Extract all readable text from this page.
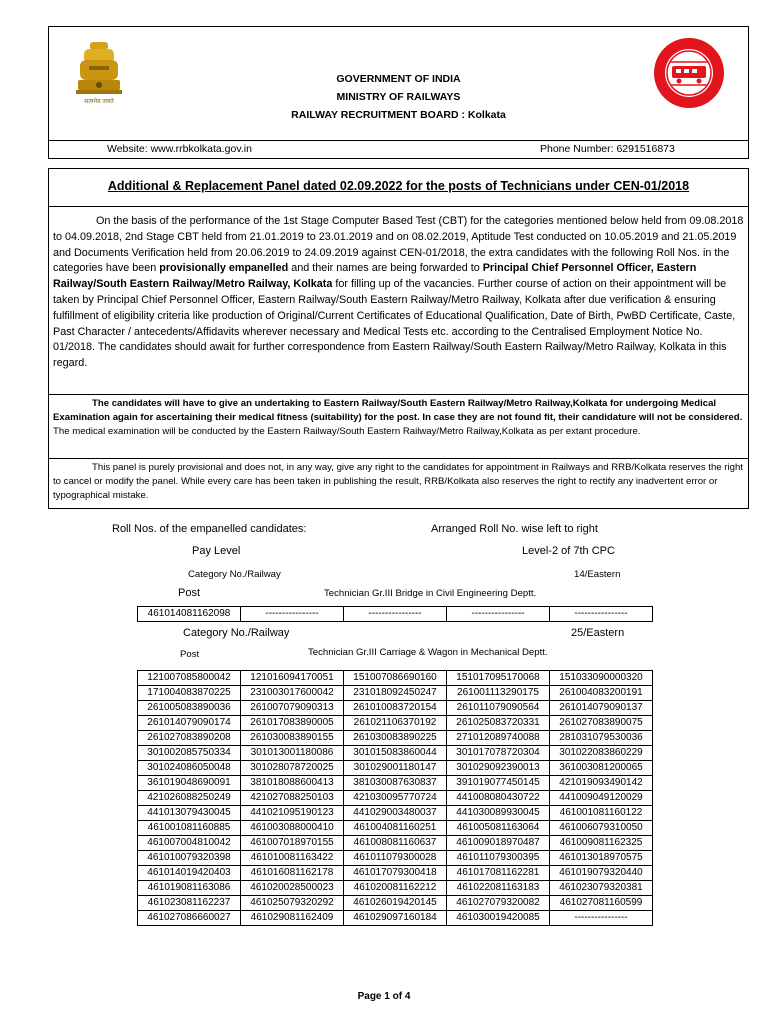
GOVERNMENT OF INDIA
MINISTRY OF RAILWAYS
RAILWAY RECRUITMENT BOARD : Kolkata
सत्यमेव जयते
Website: www.rrbkolkata.gov.in	Phone Number: 6291516873
Additional & Replacement Panel dated 02.09.2022 for the posts of Technicians under CEN-01/2018
On the basis of the performance of the 1st Stage Computer Based Test (CBT) for the categories mentioned below held from 09.08.2018 to 04.09.2018, 2nd Stage CBT held from 21.01.2019 to 23.01.2019 and on 08.02.2019, Aptitude Test conducted on 10.05.2019 and 21.05.2019 and Documents Verification held from 20.06.2019 to 24.09.2019 against CEN-01/2018, the extra candidates with the following Roll Nos. in the categories have been provisionally empanelled and their names are being forwarded to Principal Chief Personnel Officer, Eastern Railway/South Eastern Railway/Metro Railway, Kolkata for filling up of the vacancies. Further course of action on their appointment will be taken by Principal Chief Personnel Officer, Eastern Railway/South Eastern Railway/Metro Railway, Kolkata after due verification & ensuring fulfillment of eligibility criteria like production of Original/Current Certificates of Educational Qualification, Date of Birth, PwBD Certificate, Caste, Past Character / antecedents/Affidavits wherever necessary and Medical Tests etc. according to the Centralised Employment Notice No. 01/2018. The candidates should await for further correspondence from Eastern Railway/South Eastern Railway/Metro Railway, Kolkata in this regard.
The candidates will have to give an undertaking to Eastern Railway/South Eastern Railway/Metro Railway,Kolkata for undergoing Medical Examination again for ascertaining their medical fitness (suitability) for the post. In case they are not found fit, their candidature will not be considered. The medical examination will be conducted by the Eastern Railway/South Eastern Railway/Metro Railway,Kolkata as per extant procedure.
This panel is purely provisional and does not, in any way, give any right to the candidates for appointment in Railways and RRB/Kolkata reserves the right to cancel or modify the panel. While every care has been taken in publishing the result, RRB/Kolkata also reserves the right to rectify any inadvertent error or typographical mistake.
Roll Nos. of the empanelled candidates:	Arranged Roll No. wise left to right
Pay Level	Level-2 of 7th CPC
Category No./Railway	14/Eastern
Post	Technician Gr.III Bridge in Civil Engineering Deptt.
461014081162098	----------------	----------------	----------------	----------------
Category No./Railway	25/Eastern
Post	Technician Gr.III Carriage & Wagon in Mechanical Deptt.
121007085800042	121016094170051	151007086690160	151017095170068	151033090000320
171004083870225	231003017600042	231018092450247	261001113290175	261004083200191
261005083890036	261007079090313	261010083720154	261011079090564	261014079090137
261014079090174	261017083890005	261021106370192	261025083720331	261027083890075
261027083890208	261030083890155	261030083890225	271012089740088	281031079530036
301002085750334	301013001180086	301015083860044	301017078720304	301022083860229
301024086050048	301028078720025	301029001180147	301029092390013	361003081200065
361019048690091	381018088600413	381030087630837	391019077450145	421019093490142
421026088250249	421027088250103	421030095770724	441008080430722	441009049120029
441013079430045	441021095190123	441029003480037	441030089930045	461001081160122
461001081160885	461003088000410	461004081160251	461005081163064	461006079310050
461007004810042	461007018970155	461008081160637	461009018970487	461009081162325
461010079320398	461010081163422	461011079300028	461011079300395	461013018970575
461014019420403	461016081162178	461017079300418	461017081162281	461019079320440
461019081163086	461020028500023	461020081162212	461022081163183	461023079320381
461023081162237	461025079320292	461026019420145	461027079320082	461027081160599
461027086660027	461029081162409	461029097160184	461030019420085	----------------
Page 1 of 4
